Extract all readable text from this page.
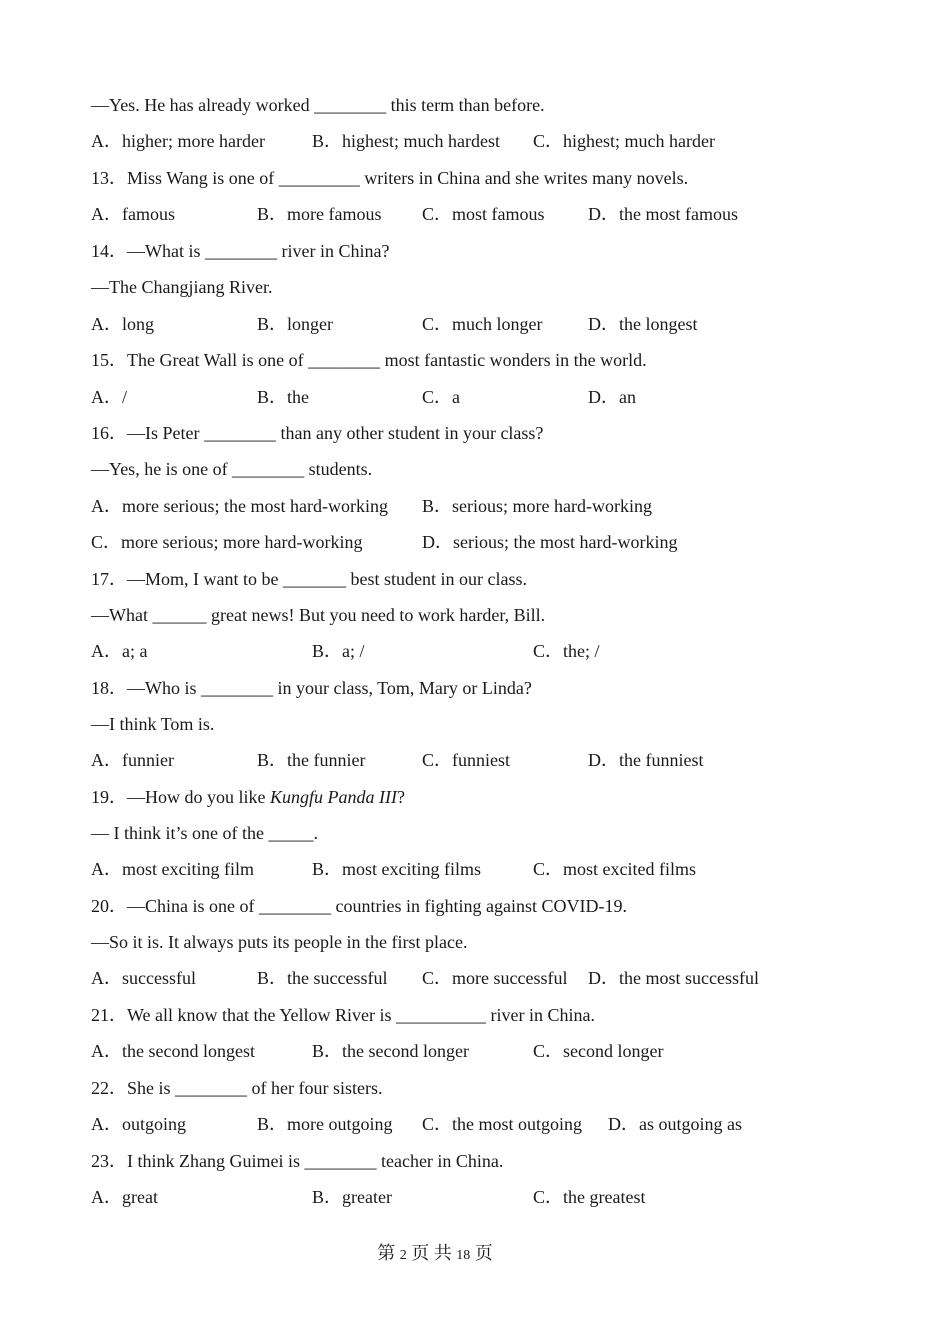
—Yes. He has already worked ________ this term than before.
A．higher; more harder	B．highest; much hardest C．highest; much harder
13．Miss Wang is one of _________ writers in China and she writes many novels.
A．famous	B．more famous C．most famous D．the most famous
14．—What is ________ river in China?
—The Changjiang River.
A．long	B．longer	C．much longer	D．the longest
15．The Great Wall is one of ________ most fantastic wonders in the world.
A．/	B．the	C．a	D．an
16．—Is Peter ________ than any other student in your class?
—Yes, he is one of ________ students.
A．more serious; the most hard-working B．serious; more hard-working
C．more serious; more hard-working	D．serious; the most hard-working
17．—Mom, I want to be _______ best student in our class.
—What ______ great news! But you need to work harder, Bill.
A．a; a	B．a; /	C．the; /
18．—Who is ________ in your class, Tom, Mary or Linda?
—I think Tom is.
A．funnier	B．the funnier	C．funniest	D．the funniest
19．—How do you like Kungfu Panda III?
— I think it’s one of the _____.
A．most exciting film	B．most exciting films	C．most excited films
20．—China is one of ________ countries in fighting against COVID-19.
—So it is. It always puts its people in the first place.
A．successful	B．the successful C．more successful D．the most successful
21．We all know that the Yellow River is __________ river in China.
A．the second longest	B．the second longer	C．second longer
22．She is ________ of her four sisters.
A．outgoing	B．more outgoing C．the most outgoing D．as outgoing as
23．I think Zhang Guimei is ________ teacher in China.
A．great	B．greater	C．the greatest
第 2 页 共 18 页
